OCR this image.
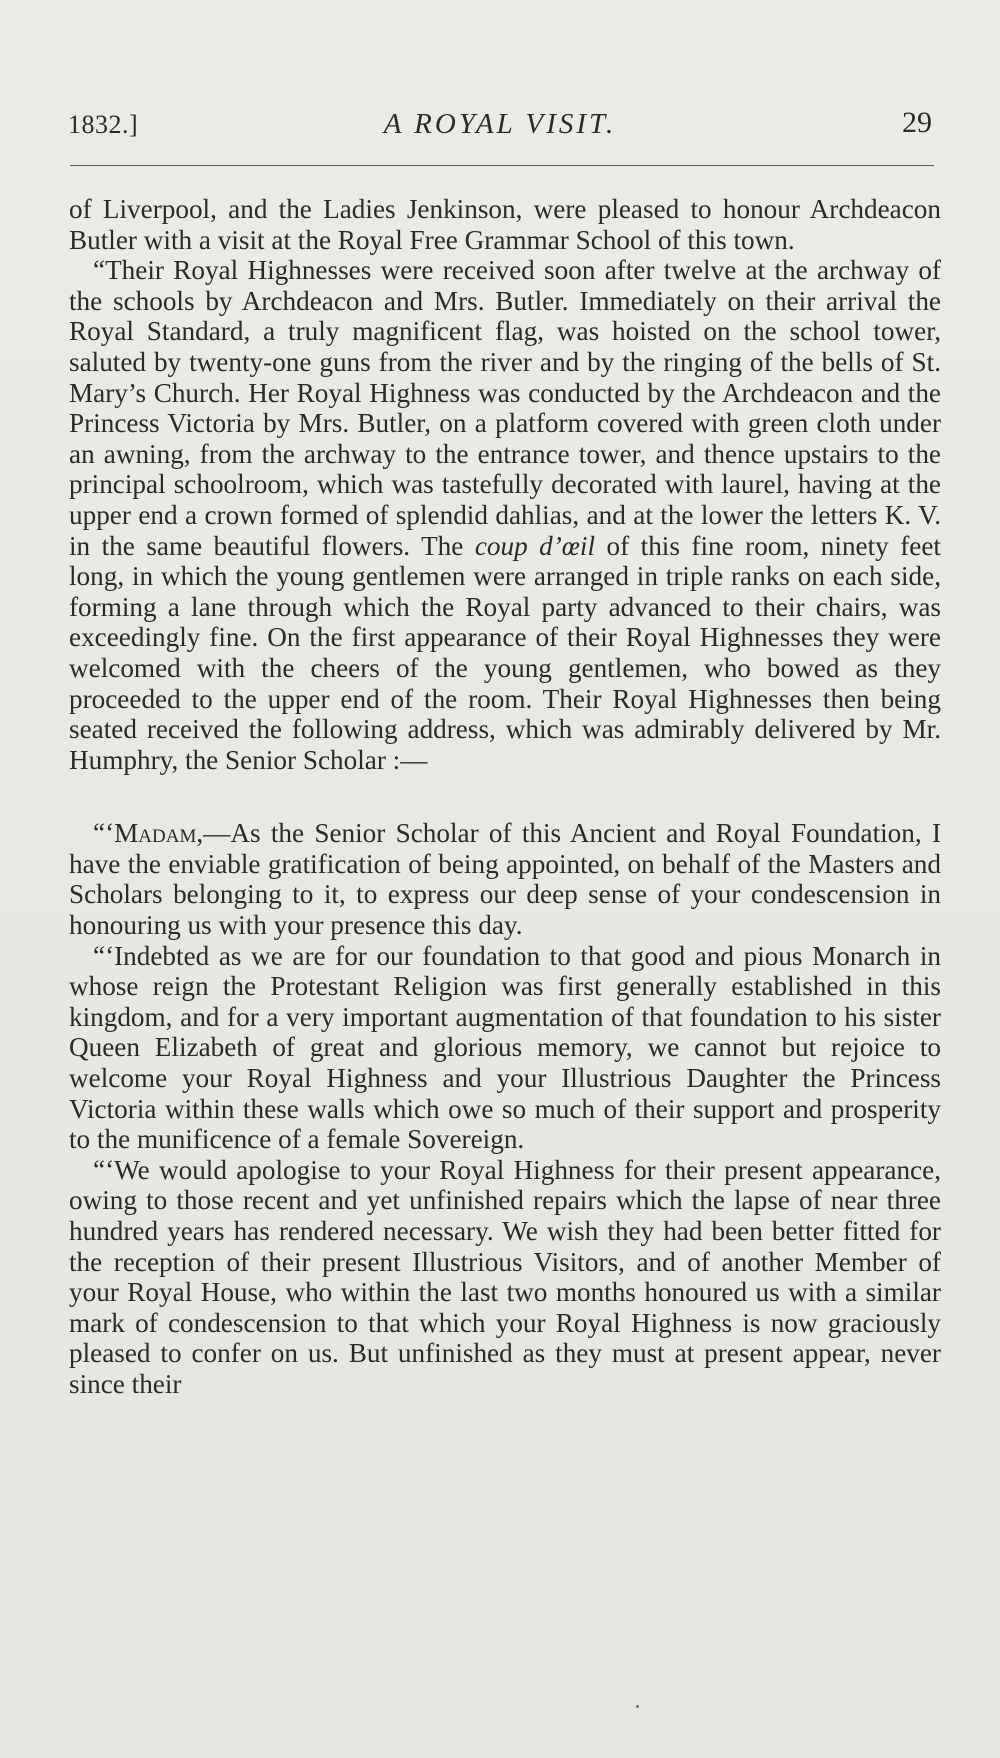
1832.]	A ROYAL VISIT.	29

of Liverpool, and the Ladies Jenkinson, were pleased to honour Archdeacon Butler with a visit at the Royal Free Grammar School of this town.

“Their Royal Highnesses were received soon after twelve at the archway of the schools by Archdeacon and Mrs. Butler. Immediately on their arrival the Royal Standard, a truly magnificent flag, was hoisted on the school tower, saluted by twenty-one guns from the river and by the ringing of the bells of St. Mary’s Church. Her Royal Highness was conducted by the Archdeacon and the Princess Victoria by Mrs. Butler, on a platform covered with green cloth under an awning, from the archway to the entrance tower, and thence upstairs to the principal schoolroom, which was tastefully decorated with laurel, having at the upper end a crown formed of splendid dahlias, and at the lower the letters K. V. in the same beautiful flowers. The coup d’œil of this fine room, ninety feet long, in which the young gentlemen were arranged in triple ranks on each side, forming a lane through which the Royal party advanced to their chairs, was exceedingly fine. On the first appearance of their Royal Highnesses they were welcomed with the cheers of the young gentlemen, who bowed as they proceeded to the upper end of the room. Their Royal Highnesses then being seated received the following address, which was admirably delivered by Mr. Humphry, the Senior Scholar :—

“‘Madam,—As the Senior Scholar of this Ancient and Royal Foundation, I have the enviable gratification of being appointed, on behalf of the Masters and Scholars belonging to it, to express our deep sense of your condescension in honouring us with your presence this day.

“‘Indebted as we are for our foundation to that good and pious Monarch in whose reign the Protestant Religion was first generally established in this kingdom, and for a very important augmentation of that foundation to his sister Queen Elizabeth of great and glorious memory, we cannot but rejoice to welcome your Royal Highness and your Illustrious Daughter the Princess Victoria within these walls which owe so much of their support and prosperity to the munificence of a female Sovereign.

“‘We would apologise to your Royal Highness for their present appearance, owing to those recent and yet unfinished repairs which the lapse of near three hundred years has rendered necessary. We wish they had been better fitted for the reception of their present Illustrious Visitors, and of another Member of your Royal House, who within the last two months honoured us with a similar mark of condescension to that which your Royal Highness is now graciously pleased to confer on us. But unfinished as they must at present appear, never since their
